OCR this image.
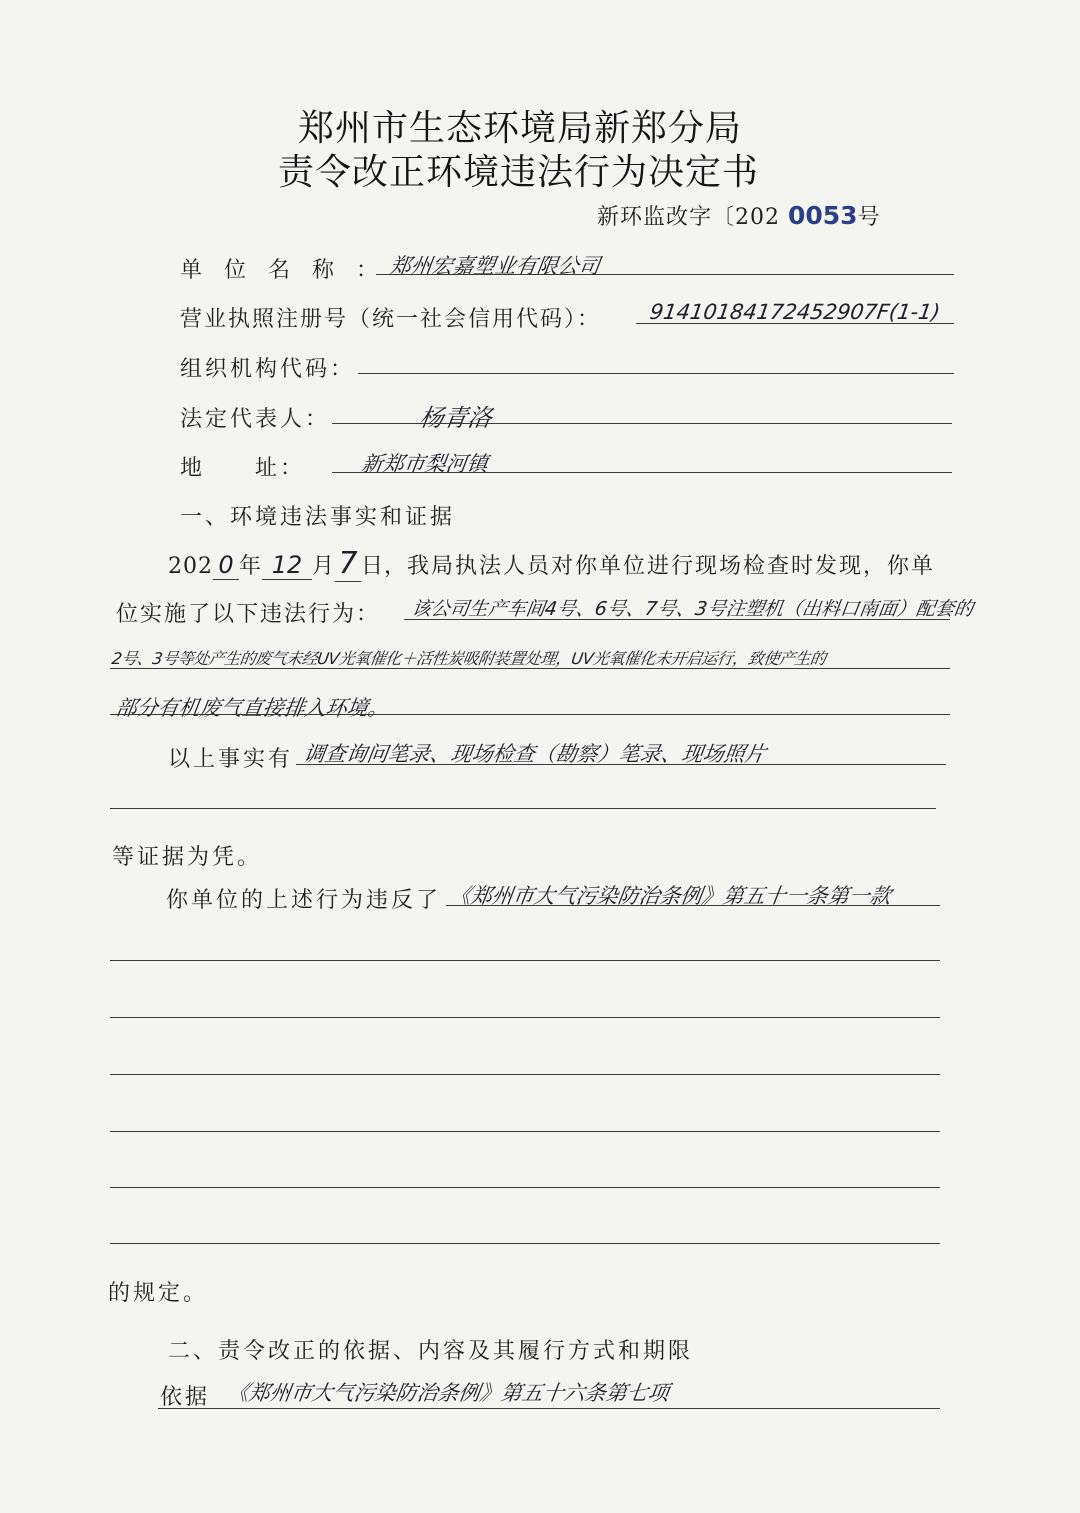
郑州市生态环境局新郑分局
责令改正环境违法行为决定书
新环监改字〔202 0053号
单位名称：
郑州宏嘉塑业有限公司
营业执照注册号（统一社会信用代码）： 91410184172452907F(1-1)
组织机构代码：
法定代表人：	杨青洛
地　　址：	新郑市梨河镇
一、环境违法事实和证据
202 0 年 12 月 7 日，我局执法人员对你单位进行现场检查时发现，你单
位实施了以下违法行为： 该公司生产车间4号、6号、7号、3号注塑机（出料口南面）配套的
2号、3号等处产生的废气未经UV光氧催化＋活性炭吸附装置处理，UV光氧催化未开启运行，致使产生的
部分有机废气直接排入环境。
以上事实有 调查询问笔录、现场检查（勘察）笔录、现场照片
等证据为凭。
你单位的上述行为违反了 《郑州市大气污染防治条例》第五十一条第一款
的规定。
二、责令改正的依据、内容及其履行方式和期限
依据 《郑州市大气污染防治条例》第五十六条第七项
